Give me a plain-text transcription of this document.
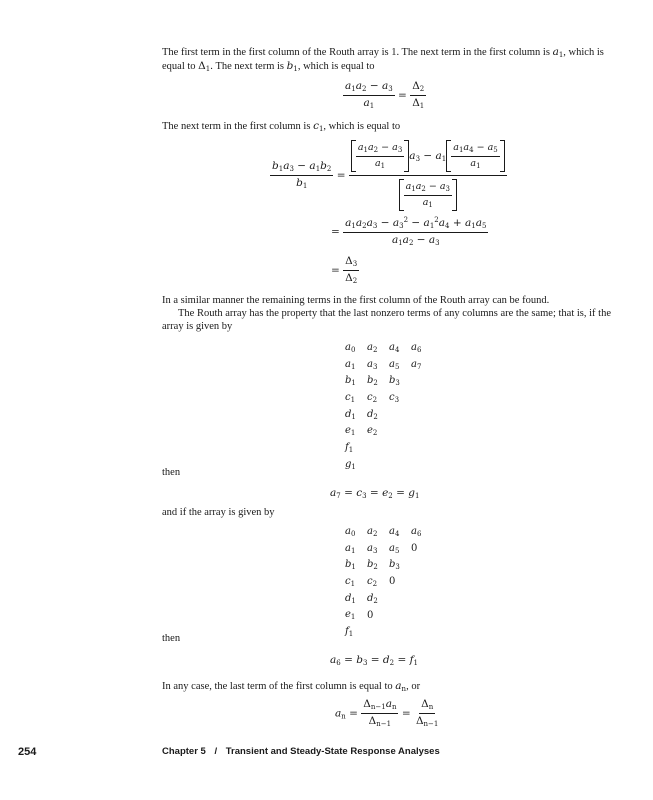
The first term in the first column of the Routh array is 1. The next term in the first column is $a_1$, which is equal to $\Delta_1$. The next term is $b_1$, which is equal to

$\frac{a_1a_2 - a_3}{a_1} = \frac{\Delta_2}{\Delta_1}$

The next term in the first column is $c_1$, which is equal to

$\frac{b_1a_3 - a_1b_2}{b_1} = \frac{\frac{a_1a_2 - a_3}{a_1} a_3 - a_1 \frac{a_1a_4 - a_5}{a_1}}{\frac{a_1a_2 - a_3}{a_1}}$
= $\frac{a_1a_2a_3 - a_3^2 - a_1^2a_4 + a_1a_5}{a_1a_2 - a_3}$
= $\frac{\Delta_3}{\Delta_2}$

In a similar manner the remaining terms in the first column of the Routh array can be found.

The Routh array has the property that the last nonzero terms of any columns are the same; that is, if the array is given by

$a_0$	$a_2$	$a_4$	$a_6$
$a_1$	$a_3$	$a_5$	$a_7$
$b_1$	$b_2$	$b_3$	
$c_1$	$c_2$	$c_3$	
$d_1$	$d_2$		
$e_1$	$e_2$		
$f_1$			
$g_1$			

then

$a_7 = c_3 = e_2 = g_1$

and if the array is given by

$a_0$	$a_2$	$a_4$	$a_6$
$a_1$	$a_3$	$a_5$	0
$b_1$	$b_2$	$b_3$	
$c_1$	$c_2$	0	
$d_1$	$d_2$		
$e_1$	0		
$f_1$			

then

$a_6 = b_3 = d_2 = f_1$

In any case, the last term of the first column is equal to $a_n$, or

$a_n = \frac{\Delta_{n-1}a_n}{\Delta_{n-1}} = \frac{\Delta_n}{\Delta_{n-1}}$
254	Chapter 5 / Transient and Steady-State Response Analyses
